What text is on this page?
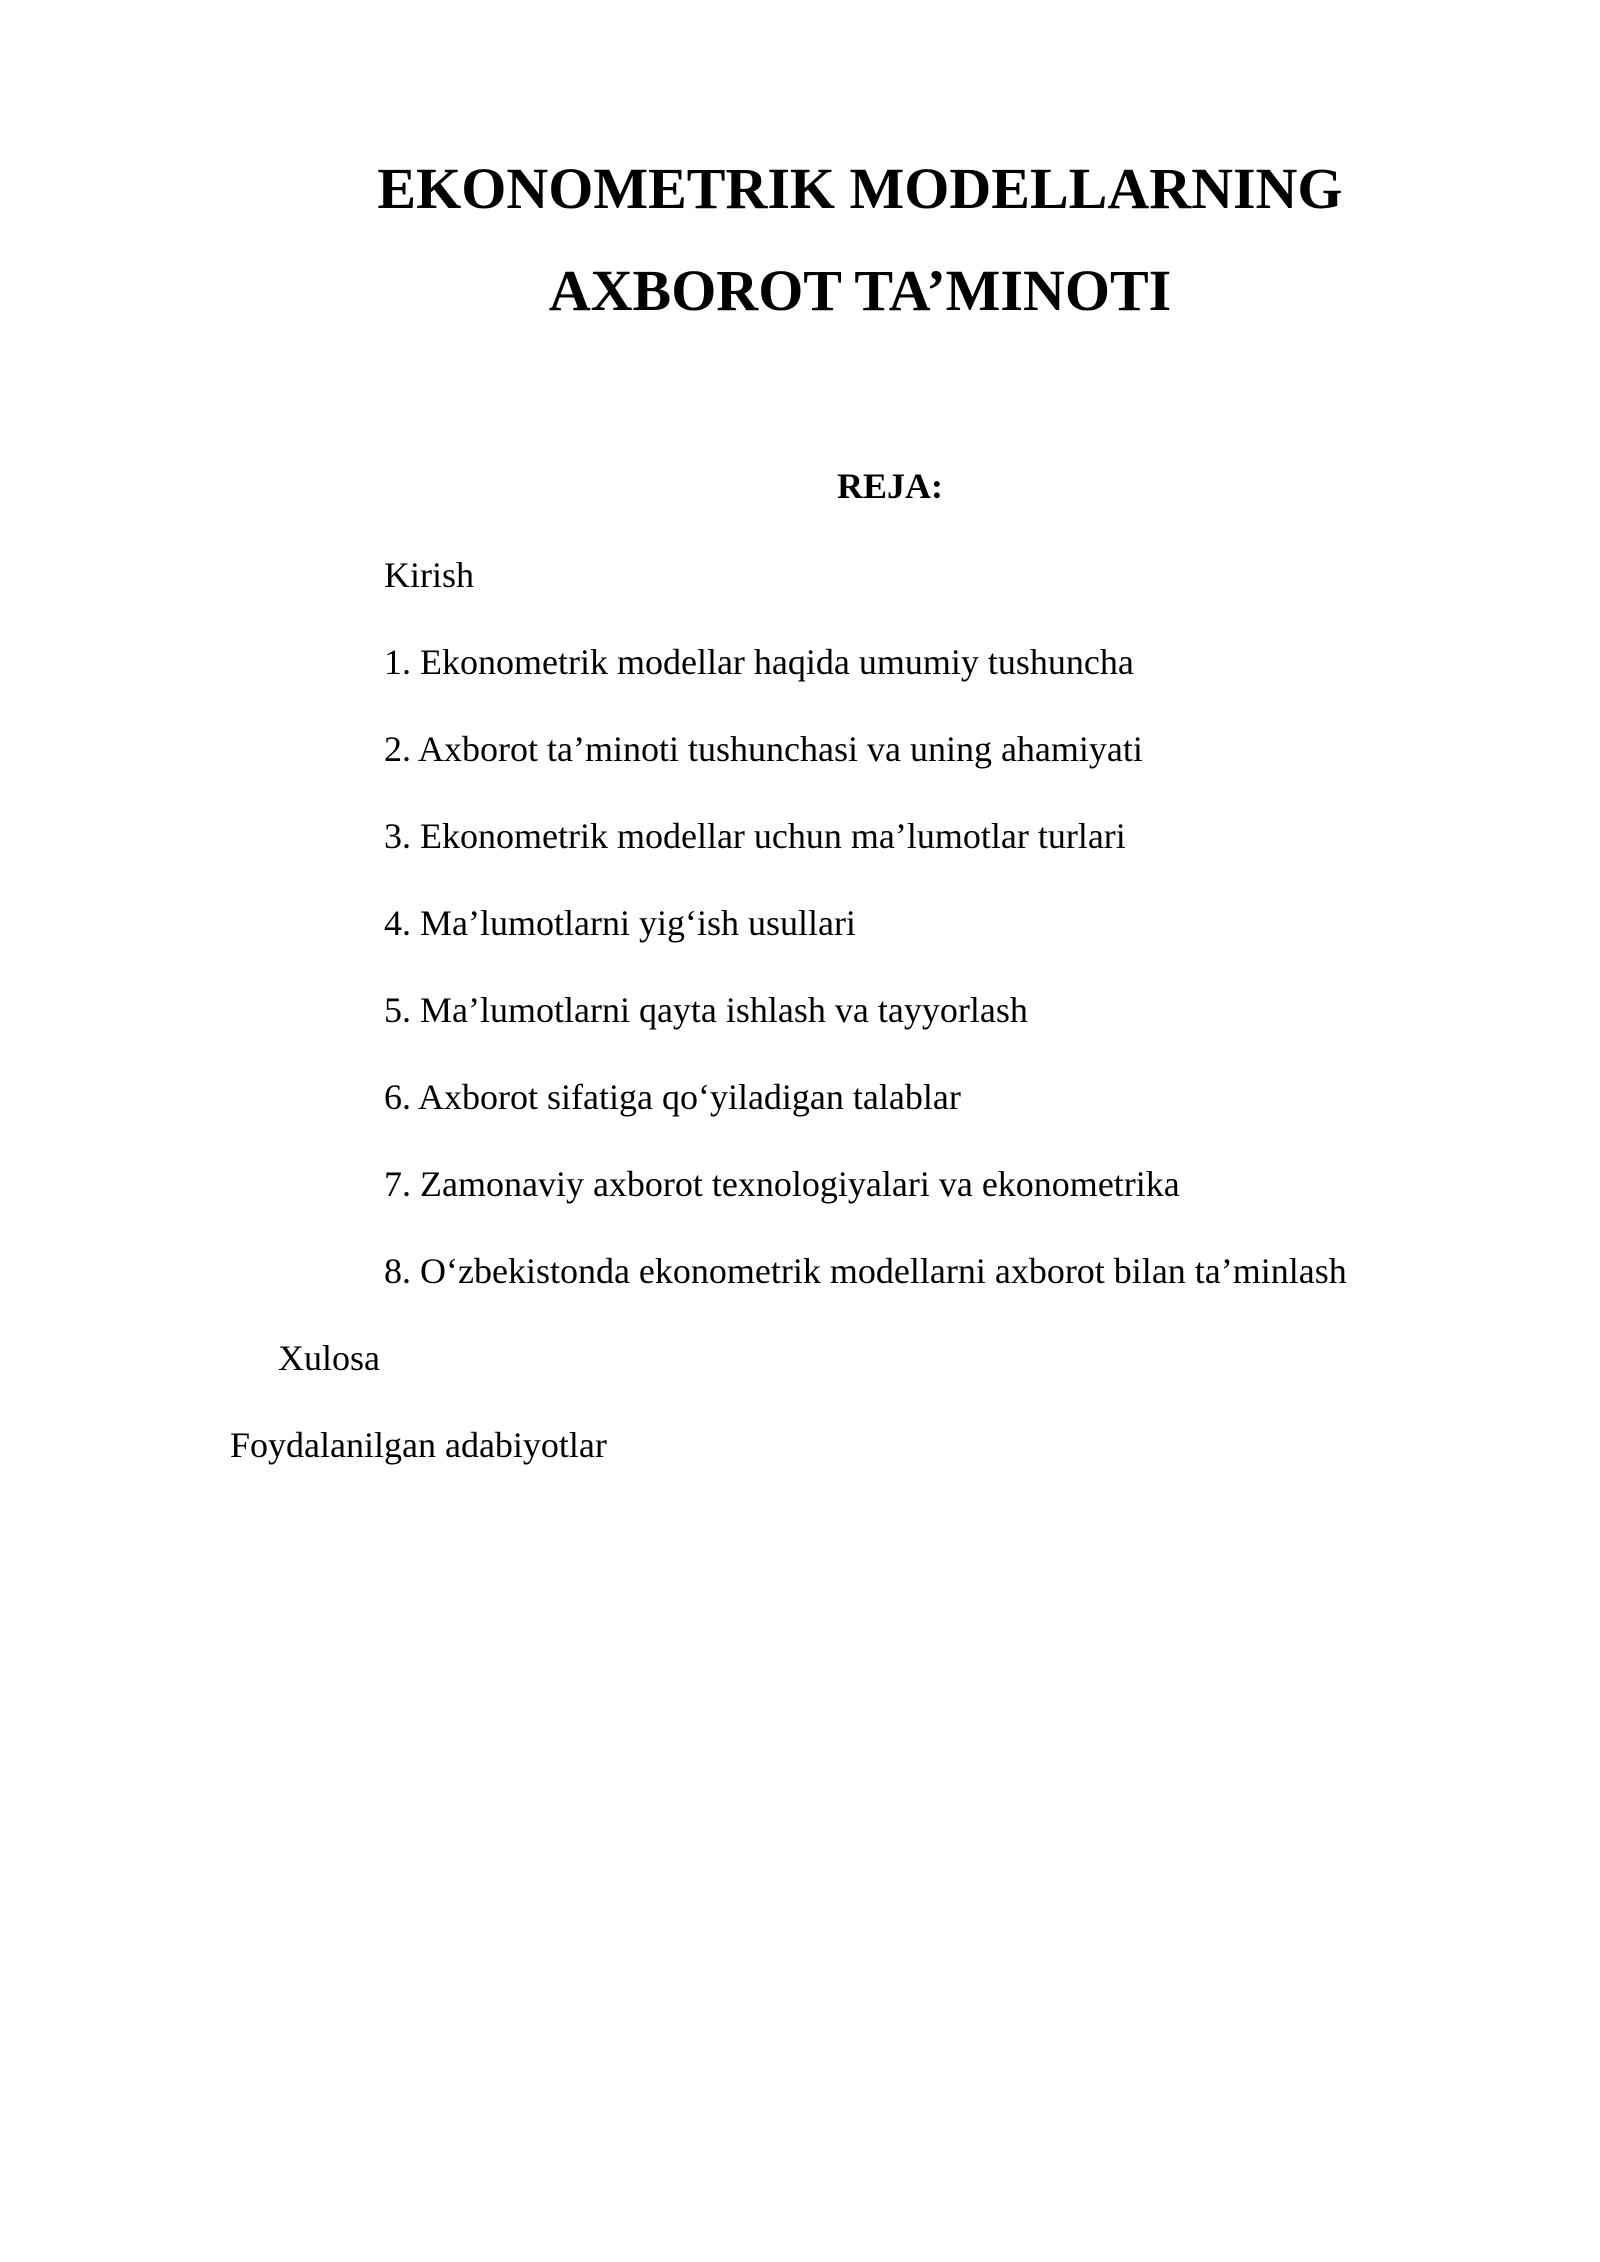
EKONOMETRIK MODELLARNING
AXBOROT TA’MINOTI
REJA:

Kirish

1. Ekonometrik modellar haqida umumiy tushuncha

2. Axborot ta’minoti tushunchasi va uning ahamiyati

3. Ekonometrik modellar uchun ma’lumotlar turlari

4. Ma’lumotlarni yig‘ish usullari

5. Ma’lumotlarni qayta ishlash va tayyorlash

6. Axborot sifatiga qo‘yiladigan talablar

7. Zamonaviy axborot texnologiyalari va ekonometrika

8. O‘zbekistonda ekonometrik modellarni axborot bilan ta’minlash

Xulosa

Foydalanilgan adabiyotlar
